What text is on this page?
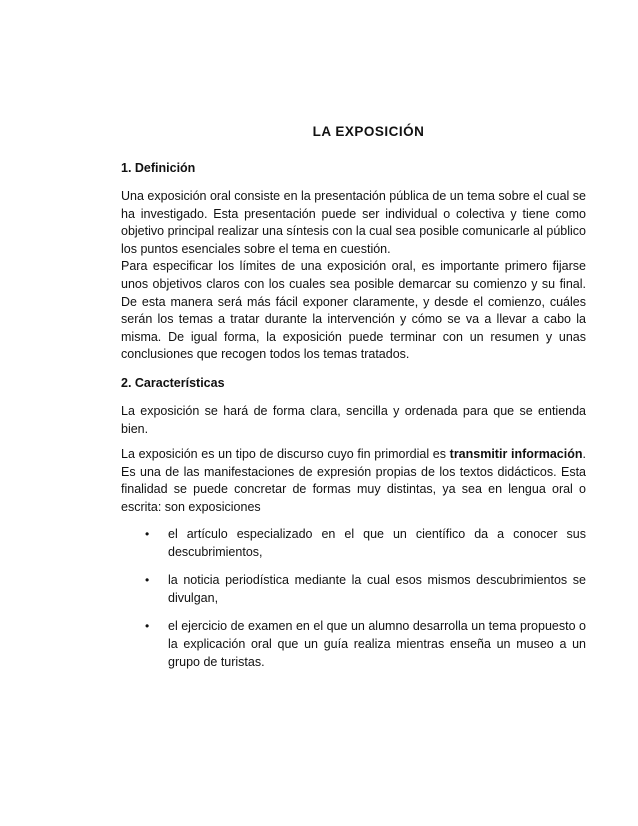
LA EXPOSICIÓN
1. Definición

Una exposición oral consiste en la presentación pública de un tema sobre el cual se ha investigado. Esta presentación puede ser individual o colectiva y tiene como objetivo principal realizar una síntesis con la cual sea posible comunicarle al público los puntos esenciales sobre el tema en cuestión.

Para especificar los límites de una exposición oral, es importante primero fijarse unos objetivos claros con los cuales sea posible demarcar su comienzo y su final. De esta manera será más fácil exponer claramente, y desde el comienzo, cuáles serán los temas a tratar durante la intervención y cómo se va a llevar a cabo la misma. De igual forma, la exposición puede terminar con un resumen y unas conclusiones que recogen todos los temas tratados.

2. Características

La exposición se hará de forma clara, sencilla y ordenada para que se entienda bien.

La exposición es un tipo de discurso cuyo fin primordial es transmitir información. Es una de las manifestaciones de expresión propias de los textos didácticos. Esta finalidad se puede concretar de formas muy distintas, ya sea en lengua oral o escrita: son exposiciones

• el artículo especializado en el que un científico da a conocer sus descubrimientos,
• la noticia periodística mediante la cual esos mismos descubrimientos se divulgan,
• el ejercicio de examen en el que un alumno desarrolla un tema propuesto o la explicación oral que un guía realiza mientras enseña un museo a un grupo de turistas.
